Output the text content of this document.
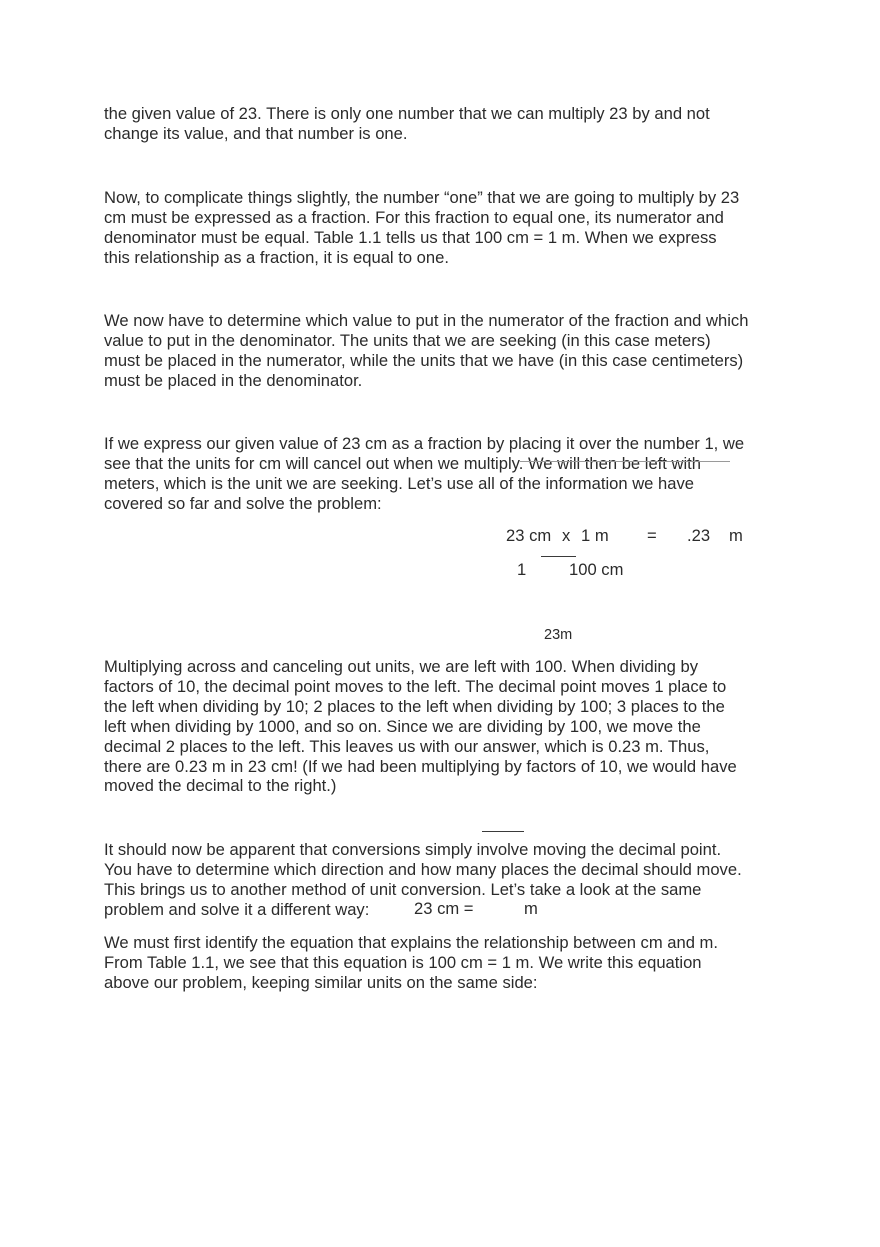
the given value of 23. There is only one number that we can multiply 23 by and not
change its value, and that number is one.

Now, to complicate things slightly, the number “one” that we are going to multiply by 23
cm must be expressed as a fraction. For this fraction to equal one, its numerator and
denominator must be equal. Table 1.1 tells us that 100 cm = 1 m. When we express
this relationship as a fraction, it is equal to one.

We now have to determine which value to put in the numerator of the fraction and which
value to put in the denominator. The units that we are seeking (in this case meters)
must be placed in the numerator, while the units that we have (in this case centimeters)
must be placed in the denominator.

If we express our given value of 23 cm as a fraction by placing it over the number 1, we
see that the units for cm will cancel out when we multiply. We will then be left with
meters, which is the unit we are seeking. Let’s use all of the information we have
covered so far and solve the problem:

23 cm x 1 m = .23 m
1	100 cm
23m

Multiplying across and canceling out units, we are left with 100. When dividing by
factors of 10, the decimal point moves to the left. The decimal point moves 1 place to
the left when dividing by 10; 2 places to the left when dividing by 100; 3 places to the
left when dividing by 1000, and so on. Since we are dividing by 100, we move the
decimal 2 places to the left. This leaves us with our answer, which is 0.23 m. Thus,
there are 0.23 m in 23 cm! (If we had been multiplying by factors of 10, we would have
moved the decimal to the right.)

It should now be apparent that conversions simply involve moving the decimal point.
You have to determine which direction and how many places the decimal should move.
This brings us to another method of unit conversion. Let’s take a look at the same
problem and solve it a different way:	23 cm =	m

We must first identify the equation that explains the relationship between cm and m.
From Table 1.1, we see that this equation is 100 cm = 1 m. We write this equation
above our problem, keeping similar units on the same side:
